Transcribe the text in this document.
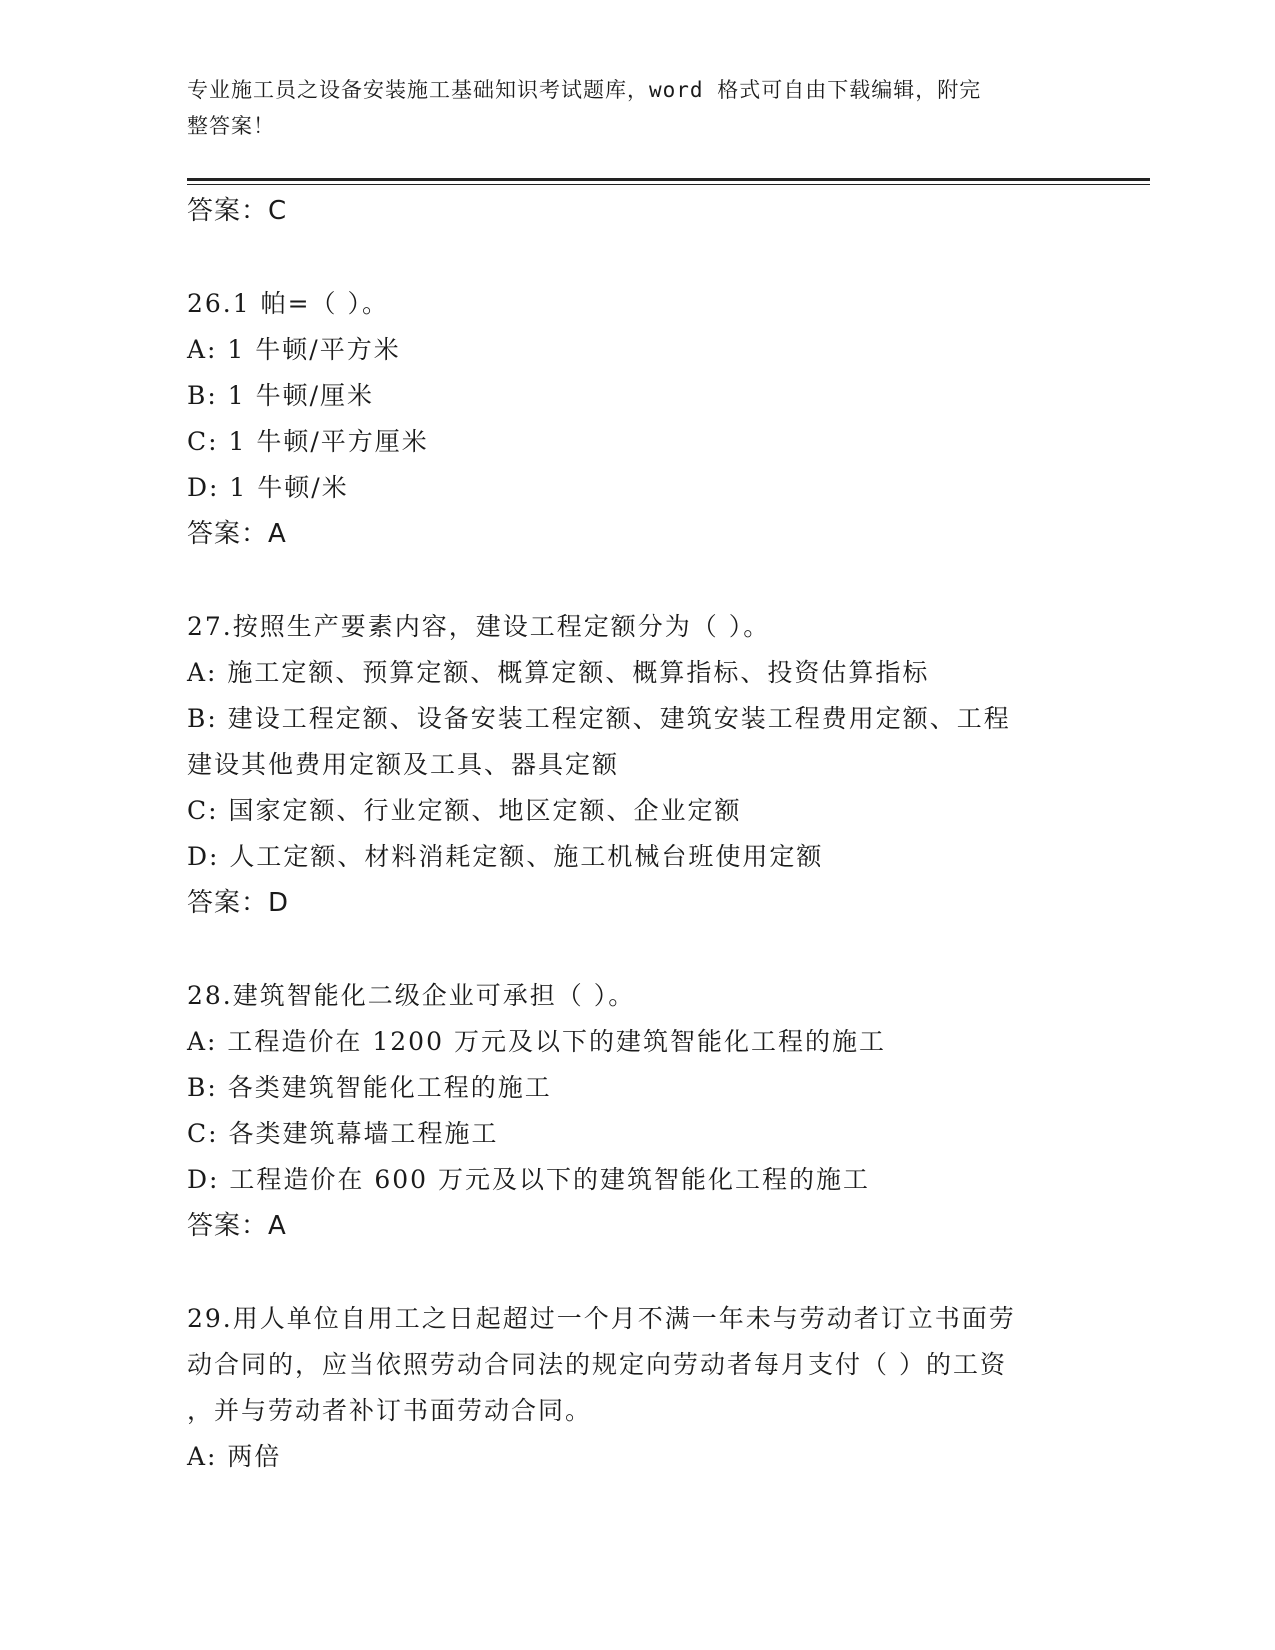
专业施工员之设备安装施工基础知识考试题库，word 格式可自由下载编辑，附完
整答案！
答案：C
26.1 帕=（ ）。
A: 1 牛顿/平方米
B: 1 牛顿/厘米
C: 1 牛顿/平方厘米
D: 1 牛顿/米
答案：A
27.按照生产要素内容，建设工程定额分为（ ）。
A: 施工定额、预算定额、概算定额、概算指标、投资估算指标
B: 建设工程定额、设备安装工程定额、建筑安装工程费用定额、工程
建设其他费用定额及工具、器具定额
C: 国家定额、行业定额、地区定额、企业定额
D: 人工定额、材料消耗定额、施工机械台班使用定额
答案：D
28.建筑智能化二级企业可承担（ ）。
A: 工程造价在 1200 万元及以下的建筑智能化工程的施工
B: 各类建筑智能化工程的施工
C: 各类建筑幕墙工程施工
D: 工程造价在 600 万元及以下的建筑智能化工程的施工
答案：A
29.用人单位自用工之日起超过一个月不满一年未与劳动者订立书面劳
动合同的，应当依照劳动合同法的规定向劳动者每月支付（ ）的工资
，并与劳动者补订书面劳动合同。
A: 两倍
